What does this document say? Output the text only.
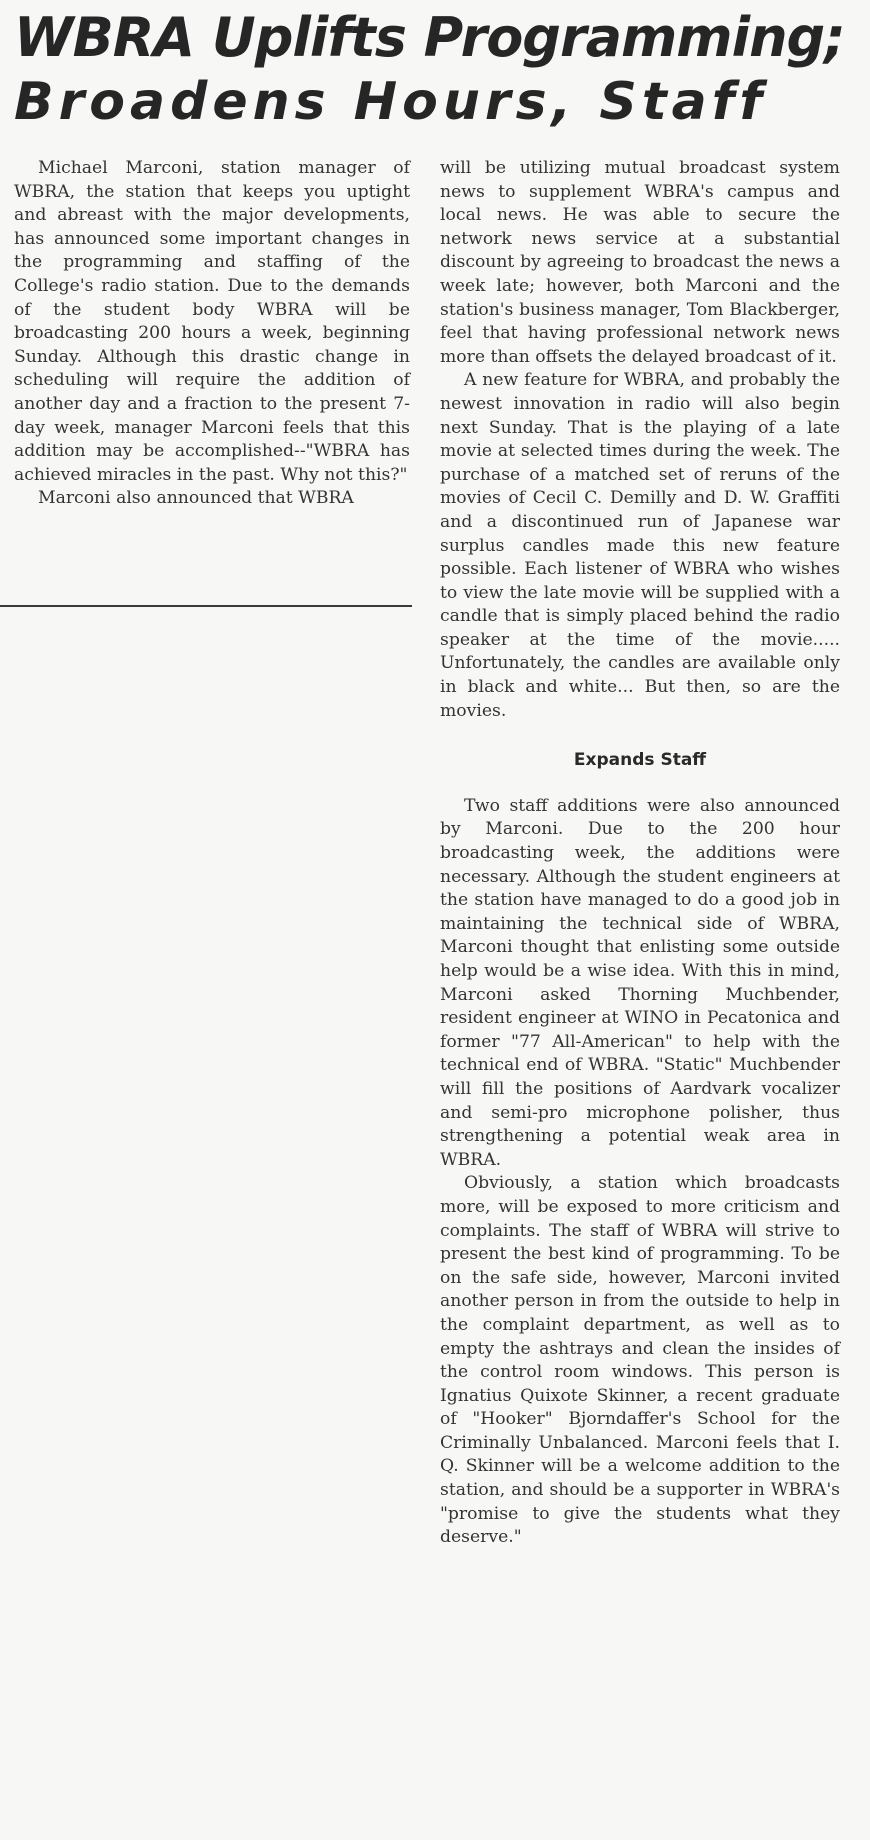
WBRA Uplifts Programming;
Broadens Hours, Staff

Michael Marconi, station manager of WBRA, the station that keeps you uptight and abreast with the major developments, has announced some important changes in the programming and staffing of the College's radio station. Due to the demands of the student body WBRA will be broadcasting 200 hours a week, beginning Sunday. Although this drastic change in scheduling will require the addition of another day and a fraction to the present 7-day week, manager Marconi feels that this addition may be accomplished--"WBRA has achieved miracles in the past. Why not this?"

Marconi also announced that WBRA

will be utilizing mutual broadcast system news to supplement WBRA's campus and local news. He was able to secure the network news service at a substantial discount by agreeing to broadcast the news a week late; however, both Marconi and the station's business manager, Tom Blackberger, feel that having professional network news more than offsets the delayed broadcast of it.

A new feature for WBRA, and probably the newest innovation in radio will also begin next Sunday. That is the playing of a late movie at selected times during the week. The purchase of a matched set of reruns of the movies of Cecil C. Demilly and D. W. Graffiti and a discontinued run of Japanese war surplus candles made this new feature possible. Each listener of WBRA who wishes to view the late movie will be supplied with a candle that is simply placed behind the radio speaker at the time of the movie..... Unfortunately, the candles are available only in black and white... But then, so are the movies.

Expands Staff

Two staff additions were also announced by Marconi. Due to the 200 hour broadcasting week, the additions were necessary. Although the student engineers at the station have managed to do a good job in maintaining the technical side of WBRA, Marconi thought that enlisting some outside help would be a wise idea. With this in mind, Marconi asked Thorning Muchbender, resident engineer at WINO in Pecatonica and former "77 All-American" to help with the technical end of WBRA. "Static" Muchbender will fill the positions of Aardvark vocalizer and semi-pro microphone polisher, thus strengthening a potential weak area in WBRA.

Obviously, a station which broadcasts more, will be exposed to more criticism and complaints. The staff of WBRA will strive to present the best kind of programming. To be on the safe side, however, Marconi invited another person in from the outside to help in the complaint department, as well as to empty the ashtrays and clean the insides of the control room windows. This person is Ignatius Quixote Skinner, a recent graduate of "Hooker" Bjorndaffer's School for the Criminally Unbalanced. Marconi feels that I. Q. Skinner will be a welcome addition to the station, and should be a supporter in WBRA's "promise to give the students what they deserve."
